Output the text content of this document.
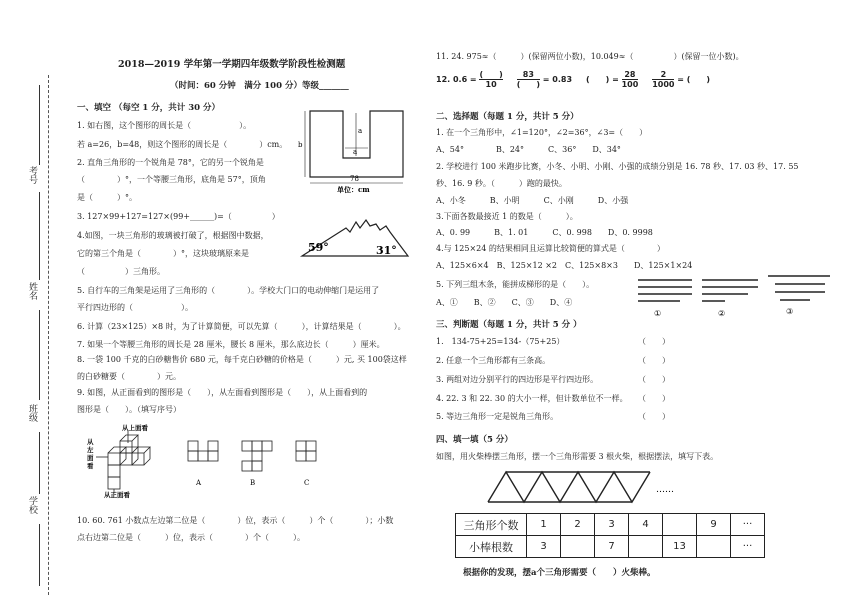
考号
姓名
班级
学校
2018—2019 学年第一学期四年级数学阶段性检测题
（时间：60 分钟　满分 100 分）等级_______
一、填空 （每空 1 分，共计 30 分）
1. 如右图，这个图形的周长是（　　　　　　）。
若 a=26，b=48，则这个图形的周长是（　　　　）cm。
2. 直角三角形的一个锐角是 78°，它的另一个锐角是
（　　　　）°，一个等腰三角形，底角是 57°，顶角
是（　　　）°。
3. 127×99+127=127×(99+______)=（　　　　　）
4.如图，一块三角形的玻璃被打破了，根据图中数据，
它的第三个角是（　　　　）°，这块玻璃原来是
（　　　　　）三角形。
5. 自行车的三角架是运用了三角形的（　　　　）。学校大门口的电动伸缩门是运用了
平行四边形的（　　　　　　）。
6. 计算（23×125）×8 时，为了计算简便，可以先算（　　　），计算结果是（　　　　）。
7. 如果一个等腰三角形的周长是 28 厘米，腰长 8 厘米，那么底边长（　　　）厘米。
8. 一袋 100 千克的白砂糖售价 680 元，每千克白砂糖的价格是（　　　）元, 买 100袋这样
的白砂糖要（　　　　）元。
9. 如图，从正面看到的图形是（　　），从左面看到图形是（　　），从上面看到的
图形是（　　）。（填写序号）
10. 60. 761 小数点左边第二位是（　　　　）位，表示（　　　）个（　　　　）；小数
点右边第二位是（　　　）位，表示（　　　　）个（　　　）。
b
a
a
78
单位：cm
59°	31°
从上面看
从
左
面
看
从正面看
A	B	C
11. 24. 975≈（　　　）(保留两位小数)，10.049≈（　　　　　）(保留一位小数)。
12. $0.6 = \frac{( )}{10}$
$\frac{83}{( )} = 0.83$ (　　) = $\frac{28}{100}$
$\frac{2}{1000}$ = (　　)
二、选择题（每题 1 分，共计 5 分）
1. 在一个三角形中，∠1=120°，∠2=36°，∠3=（　　）
A、54°　　　　B、24°　　　C、36°　　D、34°
2. 学校进行 100 米跑步比赛，小冬、小明、小刚、小强的成绩分别是 16. 78 秒、17. 03 秒、17. 55
秒、16. 9 秒。（　　　）跑的最快。
A、小冬　　　B、小明　　　C、小刚　　　D、小强
3.下面各数最接近 1 的数是（　　　）。
A、0. 99　　　B、1. 01　　　C、0. 998　　D、0. 9998
4.与 125×24 的结果相同且运算比较简便的算式是（　　　　）
A、125×6×4　B、125×12 ×2　C、125×8×3　　D、125×1×24
5. 下列三组木条，能拼成梯形的是（　　）。
A、①　　B、②　　C、③　　D、④
①	②	③
三、判断题（每题 1 分，共计 5 分 ）
1.　134-75+25=134-（75+25）	（　　）
2. 任意一个三角形都有三条高。	（　　）
3. 两组对边分别平行的四边形是平行四边形。	（　　）
4. 22. 3 和 22. 30 的大小一样，但计数单位不一样。 （　　）
5. 等边三角形一定是锐角三角形。	（　　）
四、填一填（5 分）
如图，用火柴棒摆三角形，摆一个三角形需要 3 根火柴，根据摆法，填写下表。
……
三角形个数	1	2	3	4		9	···
小棒根数	3		7		13		···
根据你的发现，摆a个三角形需要（　　）火柴棒。
